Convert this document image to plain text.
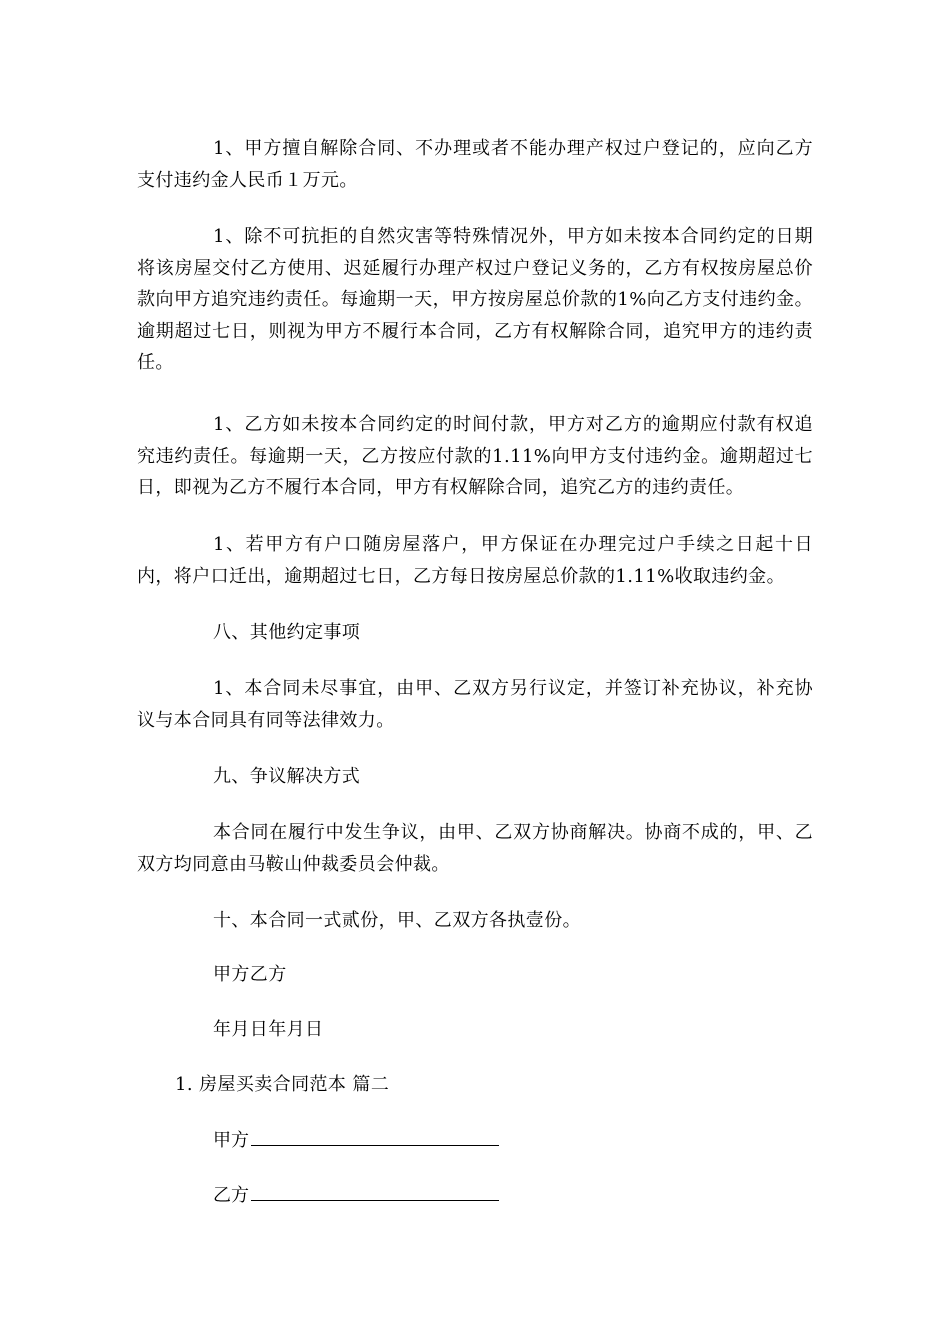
1、甲方擅自解除合同、不办理或者不能办理产权过户登记的，应向乙方支付违约金人民币１万元。

1、除不可抗拒的自然灾害等特殊情况外，甲方如未按本合同约定的日期将该房屋交付乙方使用、迟延履行办理产权过户登记义务的，乙方有权按房屋总价款向甲方追究违约责任。每逾期一天，甲方按房屋总价款的1%向乙方支付违约金。逾期超过七日，则视为甲方不履行本合同，乙方有权解除合同，追究甲方的违约责任。

1、乙方如未按本合同约定的时间付款，甲方对乙方的逾期应付款有权追究违约责任。每逾期一天，乙方按应付款的1.11%向甲方支付违约金。逾期超过七日，即视为乙方不履行本合同，甲方有权解除合同，追究乙方的违约责任。

1、若甲方有户口随房屋落户，甲方保证在办理完过户手续之日起十日内，将户口迁出，逾期超过七日，乙方每日按房屋总价款的1.11%收取违约金。

八、其他约定事项

1、本合同未尽事宜，由甲、乙双方另行议定，并签订补充协议，补充协议与本合同具有同等法律效力。

九、争议解决方式

本合同在履行中发生争议，由甲、乙双方协商解决。协商不成的，甲、乙双方均同意由马鞍山仲裁委员会仲裁。

十、本合同一式贰份，甲、乙双方各执壹份。

甲方乙方

年月日年月日

1. 房屋买卖合同范本 篇二

甲方
乙方
